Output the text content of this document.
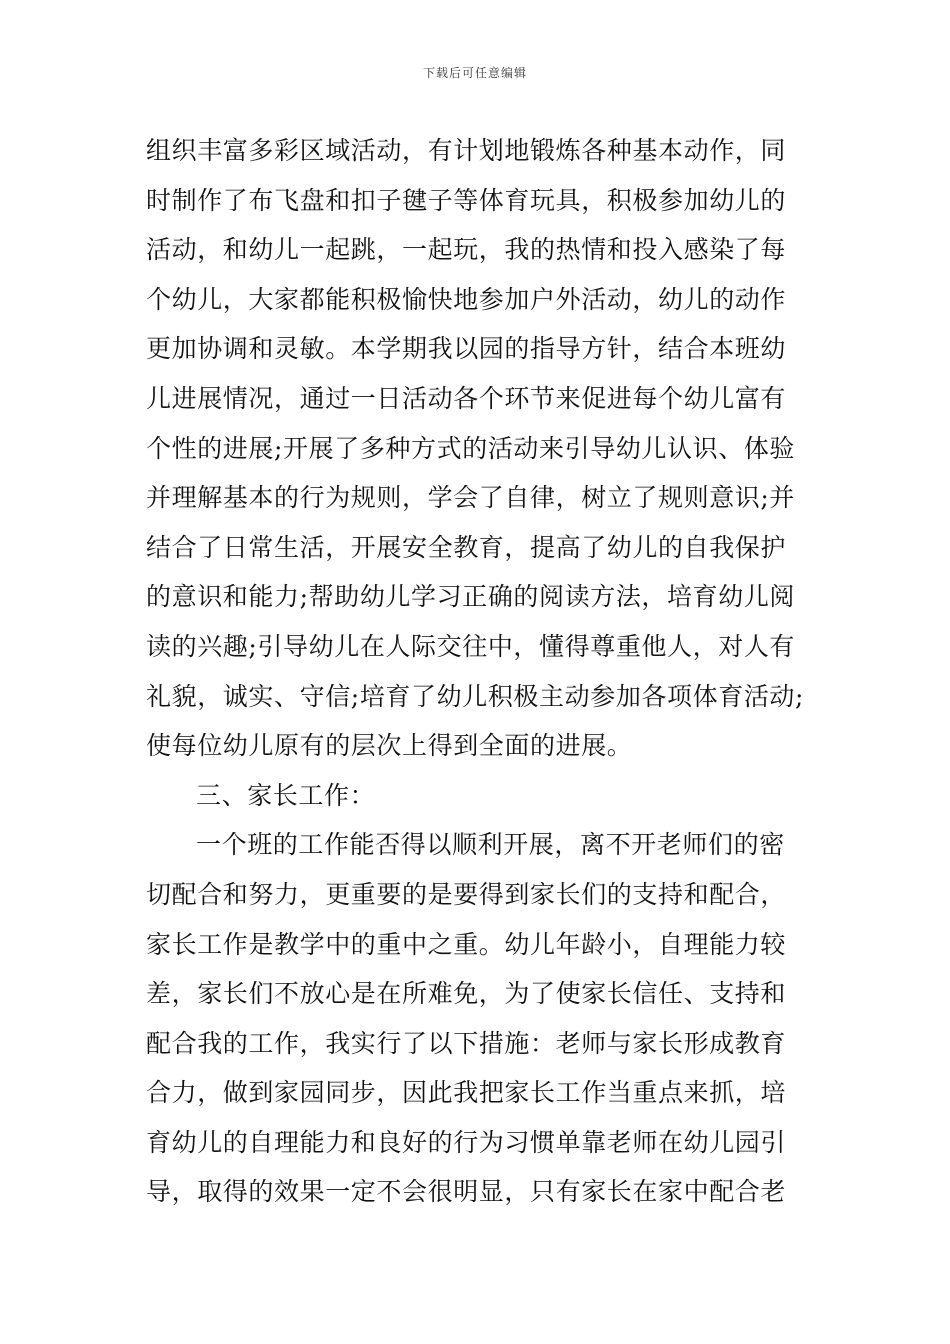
下载后可任意编辑
组织丰富多彩区域活动，有计划地锻炼各种基本动作，同
时制作了布飞盘和扣子毽子等体育玩具，积极参加幼儿的
活动，和幼儿一起跳，一起玩，我的热情和投入感染了每
个幼儿，大家都能积极愉快地参加户外活动，幼儿的动作
更加协调和灵敏。本学期我以园的指导方针，结合本班幼
儿进展情况，通过一日活动各个环节来促进每个幼儿富有
个性的进展;开展了多种方式的活动来引导幼儿认识、体验
并理解基本的行为规则，学会了自律，树立了规则意识;并
结合了日常生活，开展安全教育，提高了幼儿的自我保护
的意识和能力;帮助幼儿学习正确的阅读方法，培育幼儿阅
读的兴趣;引导幼儿在人际交往中，懂得尊重他人，对人有
礼貌，诚实、守信;培育了幼儿积极主动参加各项体育活动;
使每位幼儿原有的层次上得到全面的进展。
三、家长工作：
一个班的工作能否得以顺利开展，离不开老师们的密
切配合和努力，更重要的是要得到家长们的支持和配合，
家长工作是教学中的重中之重。幼儿年龄小，自理能力较
差，家长们不放心是在所难免，为了使家长信任、支持和
配合我的工作，我实行了以下措施：老师与家长形成教育
合力，做到家园同步，因此我把家长工作当重点来抓，培
育幼儿的自理能力和良好的行为习惯单靠老师在幼儿园引
导，取得的效果一定不会很明显，只有家长在家中配合老
